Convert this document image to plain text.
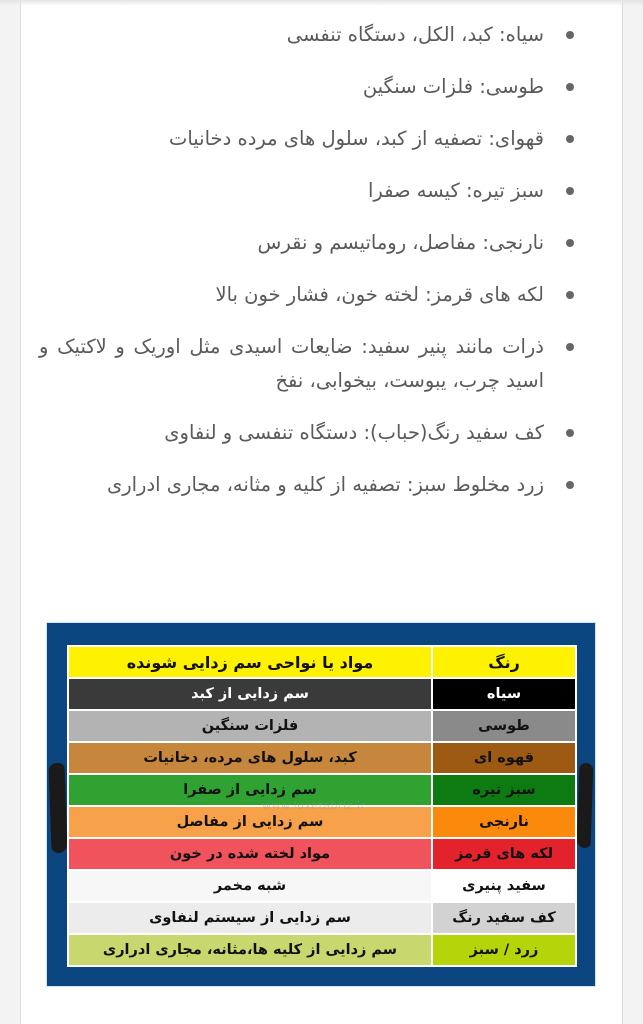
سیاه: کبد، الکل، دستگاه تنفسی
طوسی: فلزات سنگین
قهوای: تصفیه از کبد، سلول های مرده دخانیات
سبز تیره: کیسه صفرا
نارنجی: مفاصل، روماتیسم و نقرس
لکه های قرمز: لخته خون، فشار خون بالا
ذرات مانند پنیر سفید: ضایعات اسیدی مثل اوریک و لاکتیک و اسید چرب، یبوست، بیخوابی، نفخ
کف سفید رنگ(حباب): دستگاه تنفسی و لنفاوی
زرد مخلوط سبز: تصفیه از کلیه و مثانه، مجاری ادراری
رنگ	مواد یا نواحی سم زدایی شونده
سیاه	سم زدایی از کبد
طوسی	فلزات سنگین
قهوه ای	کبد، سلول های مرده، دخانیات
سبز تیره	سم زدایی از صفرا
نارنجی	سم زدایی از مفاصل
لکه های قرمز	مواد لخته شده در خون
سفید پنیری	شبه مخمر
کف سفید رنگ	سم زدایی از سیستم لنفاوی
زرد / سبز	سم زدایی از کلیه ها،مثانه، مجاری ادراری
www.luxetabriz.ir
